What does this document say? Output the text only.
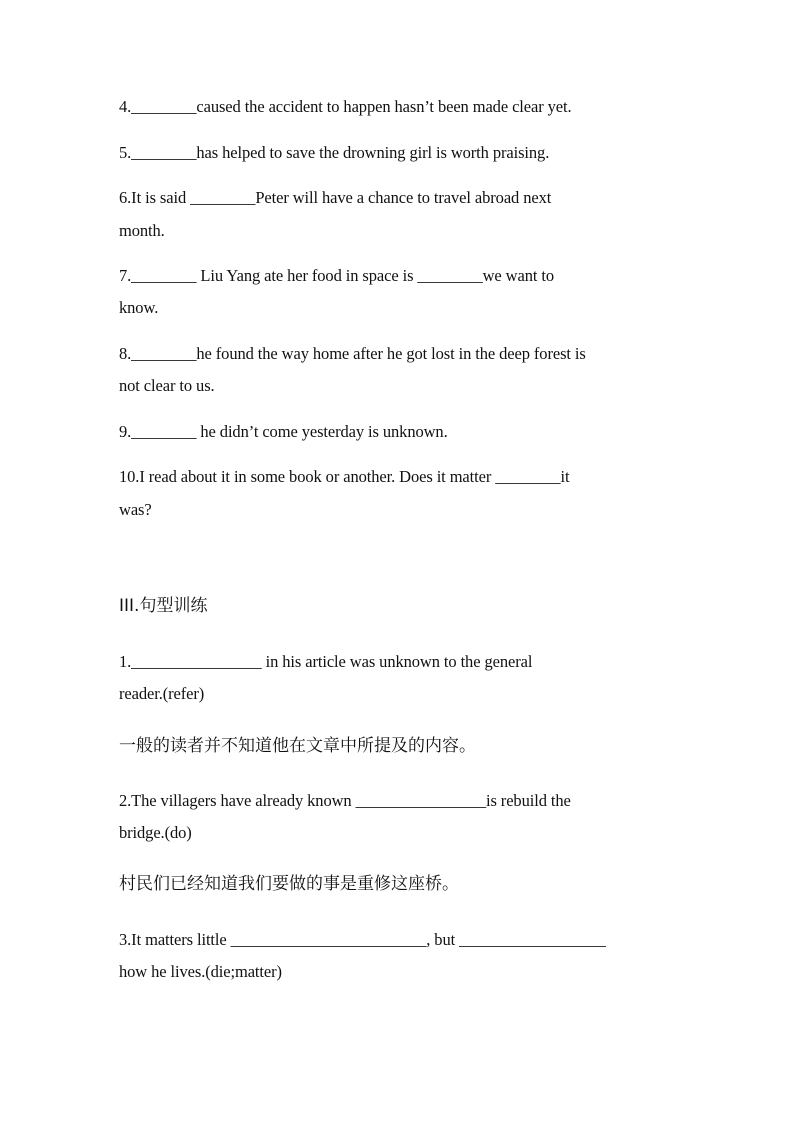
4.________caused the accident to happen hasn’t been made clear yet.
5.________has helped to save the drowning girl is worth praising.
6.It is said ________Peter will have a chance to travel abroad next
month.
7.________ Liu Yang ate her food in space is ________we want to
know.
8.________he found the way home after he got lost in the deep forest is
not clear to us.
9.________ he didn’t come yesterday is unknown.
10.I read about it in some book or another. Does it matter ________it
was?
III.句型训练
1.________________ in his article was unknown to the general
reader.(refer)
一般的读者并不知道他在文章中所提及的内容。
2.The villagers have already known ________________is rebuild the
bridge.(do)
村民们已经知道我们要做的事是重修这座桥。
3.It matters little ________________________, but __________________
how he lives.(die;matter)
